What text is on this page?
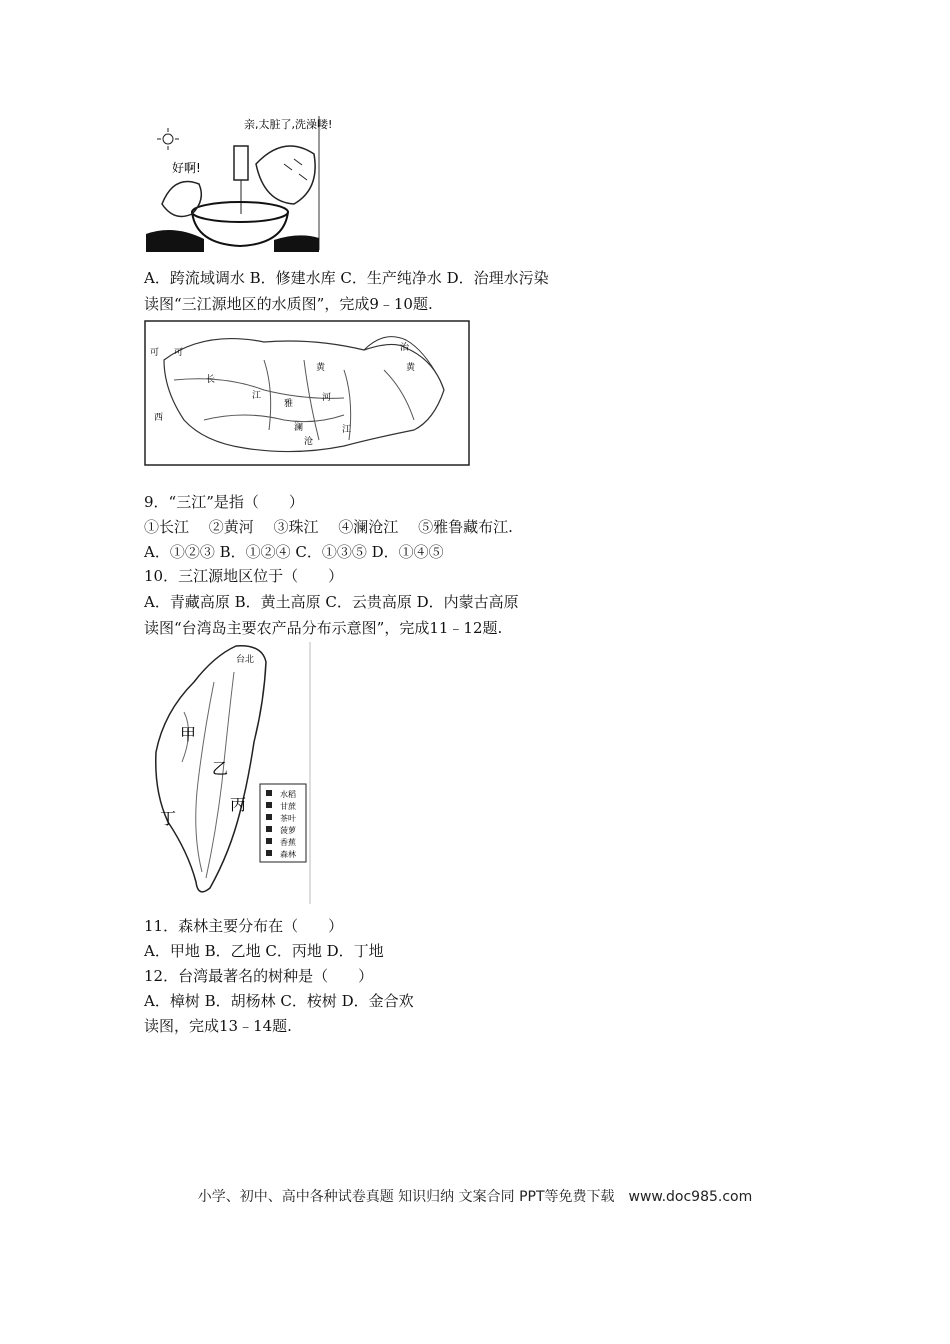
好啊!
亲,太脏了,洗澡喽!
A．跨流域调水 B．修建水库 C．生产纯净水 D．治理水污染
读图“三江源地区的水质图”，完成9﹣10题.
可 可
西
长
江
雅
黄
河
澜
沧
江
治
黄
9．“三江”是指（　　）
①长江　 ②黄河　 ③珠江　 ④澜沧江　 ⑤雅鲁藏布江.
A．①②③ B．①②④ C．①③⑤ D．①④⑤
10．三江源地区位于（　　）
A．青藏高原 B．黄土高原 C．云贵高原 D．内蒙古高原
读图“台湾岛主要农产品分布示意图”，完成11﹣12题.
台北
甲
乙
丙
丁
水稻
甘蔗
茶叶
菠萝
香蕉
森林
11．森林主要分布在（　　）
A．甲地 B．乙地 C．丙地 D．丁地
12．台湾最著名的树种是（　　）
A．樟树 B．胡杨林 C．桉树 D．金合欢
读图，完成13﹣14题.
小学、初中、高中各种试卷真题 知识归纳 文案合同 PPT等免费下载　www.doc985.com
